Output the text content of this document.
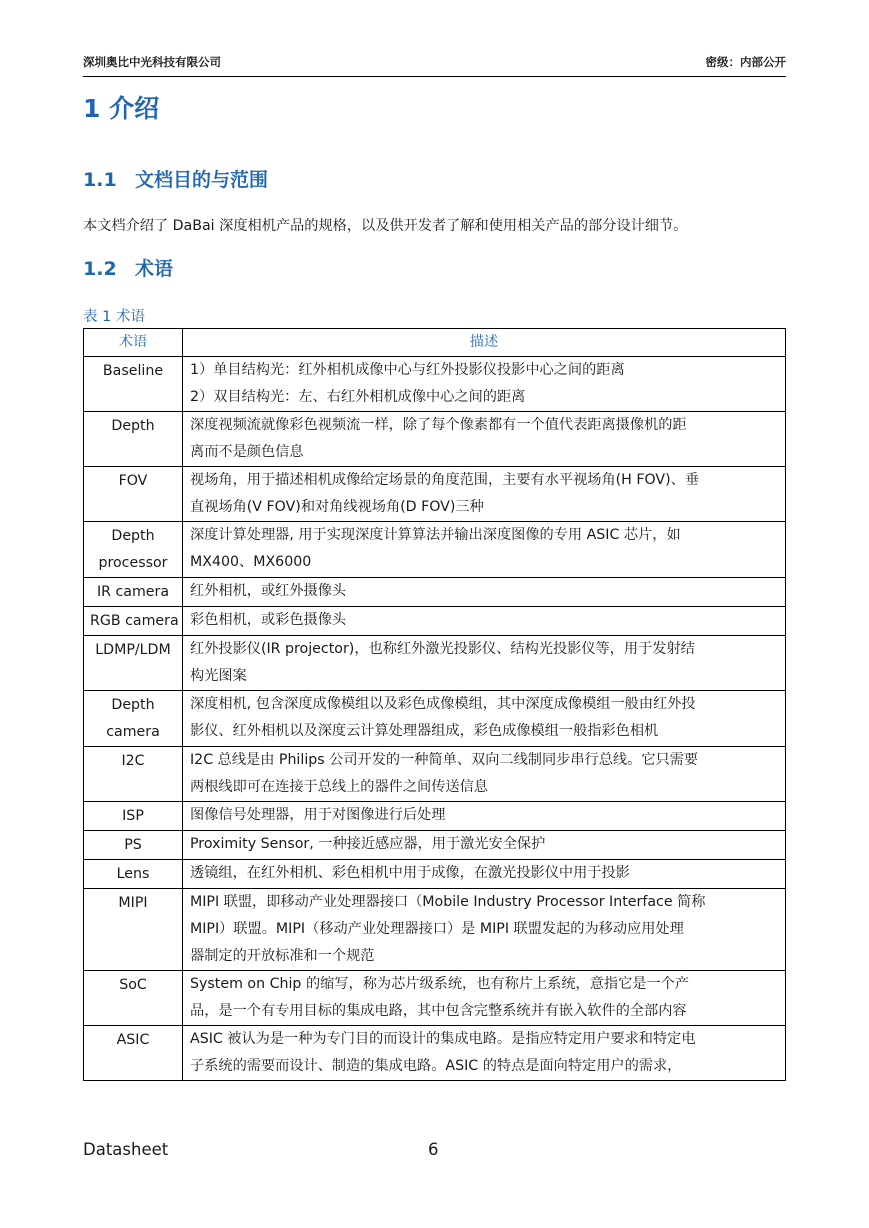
深圳奥比中光科技有限公司	密级：内部公开
1 介绍
1.1 文档目的与范围
本文档介绍了 DaBai 深度相机产品的规格，以及供开发者了解和使用相关产品的部分设计细节。
1.2 术语
表 1 术语
术语	描述

Baseline	1）单目结构光：红外相机成像中心与红外投影仪投影中心之间的距离
2）双目结构光：左、右红外相机成像中心之间的距离

Depth	深度视频流就像彩色视频流一样，除了每个像素都有一个值代表距离摄像机的距
离而不是颜色信息

FOV	视场角，用于描述相机成像给定场景的角度范围，主要有水平视场角(H FOV)、垂
直视场角(V FOV)和对角线视场角(D FOV)三种

Depth
processor	深度计算处理器, 用于实现深度计算算法并输出深度图像的专用 ASIC 芯片，如
MX400、MX6000

IR camera	红外相机，或红外摄像头

RGB camera	彩色相机，或彩色摄像头

LDMP/LDM	红外投影仪(IR projector)，也称红外激光投影仪、结构光投影仪等，用于发射结
构光图案

Depth
camera	深度相机, 包含深度成像模组以及彩色成像模组，其中深度成像模组一般由红外投
影仪、红外相机以及深度云计算处理器组成，彩色成像模组一般指彩色相机

I2C	I2C 总线是由 Philips 公司开发的一种简单、双向二线制同步串行总线。它只需要
两根线即可在连接于总线上的器件之间传送信息

ISP	图像信号处理器，用于对图像进行后处理

PS	Proximity Sensor, 一种接近感应器，用于激光安全保护

Lens	透镜组，在红外相机、彩色相机中用于成像，在激光投影仪中用于投影

MIPI	MIPI 联盟，即移动产业处理器接口（Mobile Industry Processor Interface 简称
MIPI）联盟。MIPI（移动产业处理器接口）是 MIPI 联盟发起的为移动应用处理
器制定的开放标准和一个规范

SoC	System on Chip 的缩写，称为芯片级系统，也有称片上系统，意指它是一个产
品，是一个有专用目标的集成电路，其中包含完整系统并有嵌入软件的全部内容

ASIC	ASIC 被认为是一种为专门目的而设计的集成电路。是指应特定用户要求和特定电
子系统的需要而设计、制造的集成电路。ASIC 的特点是面向特定用户的需求，
Datasheet	6
